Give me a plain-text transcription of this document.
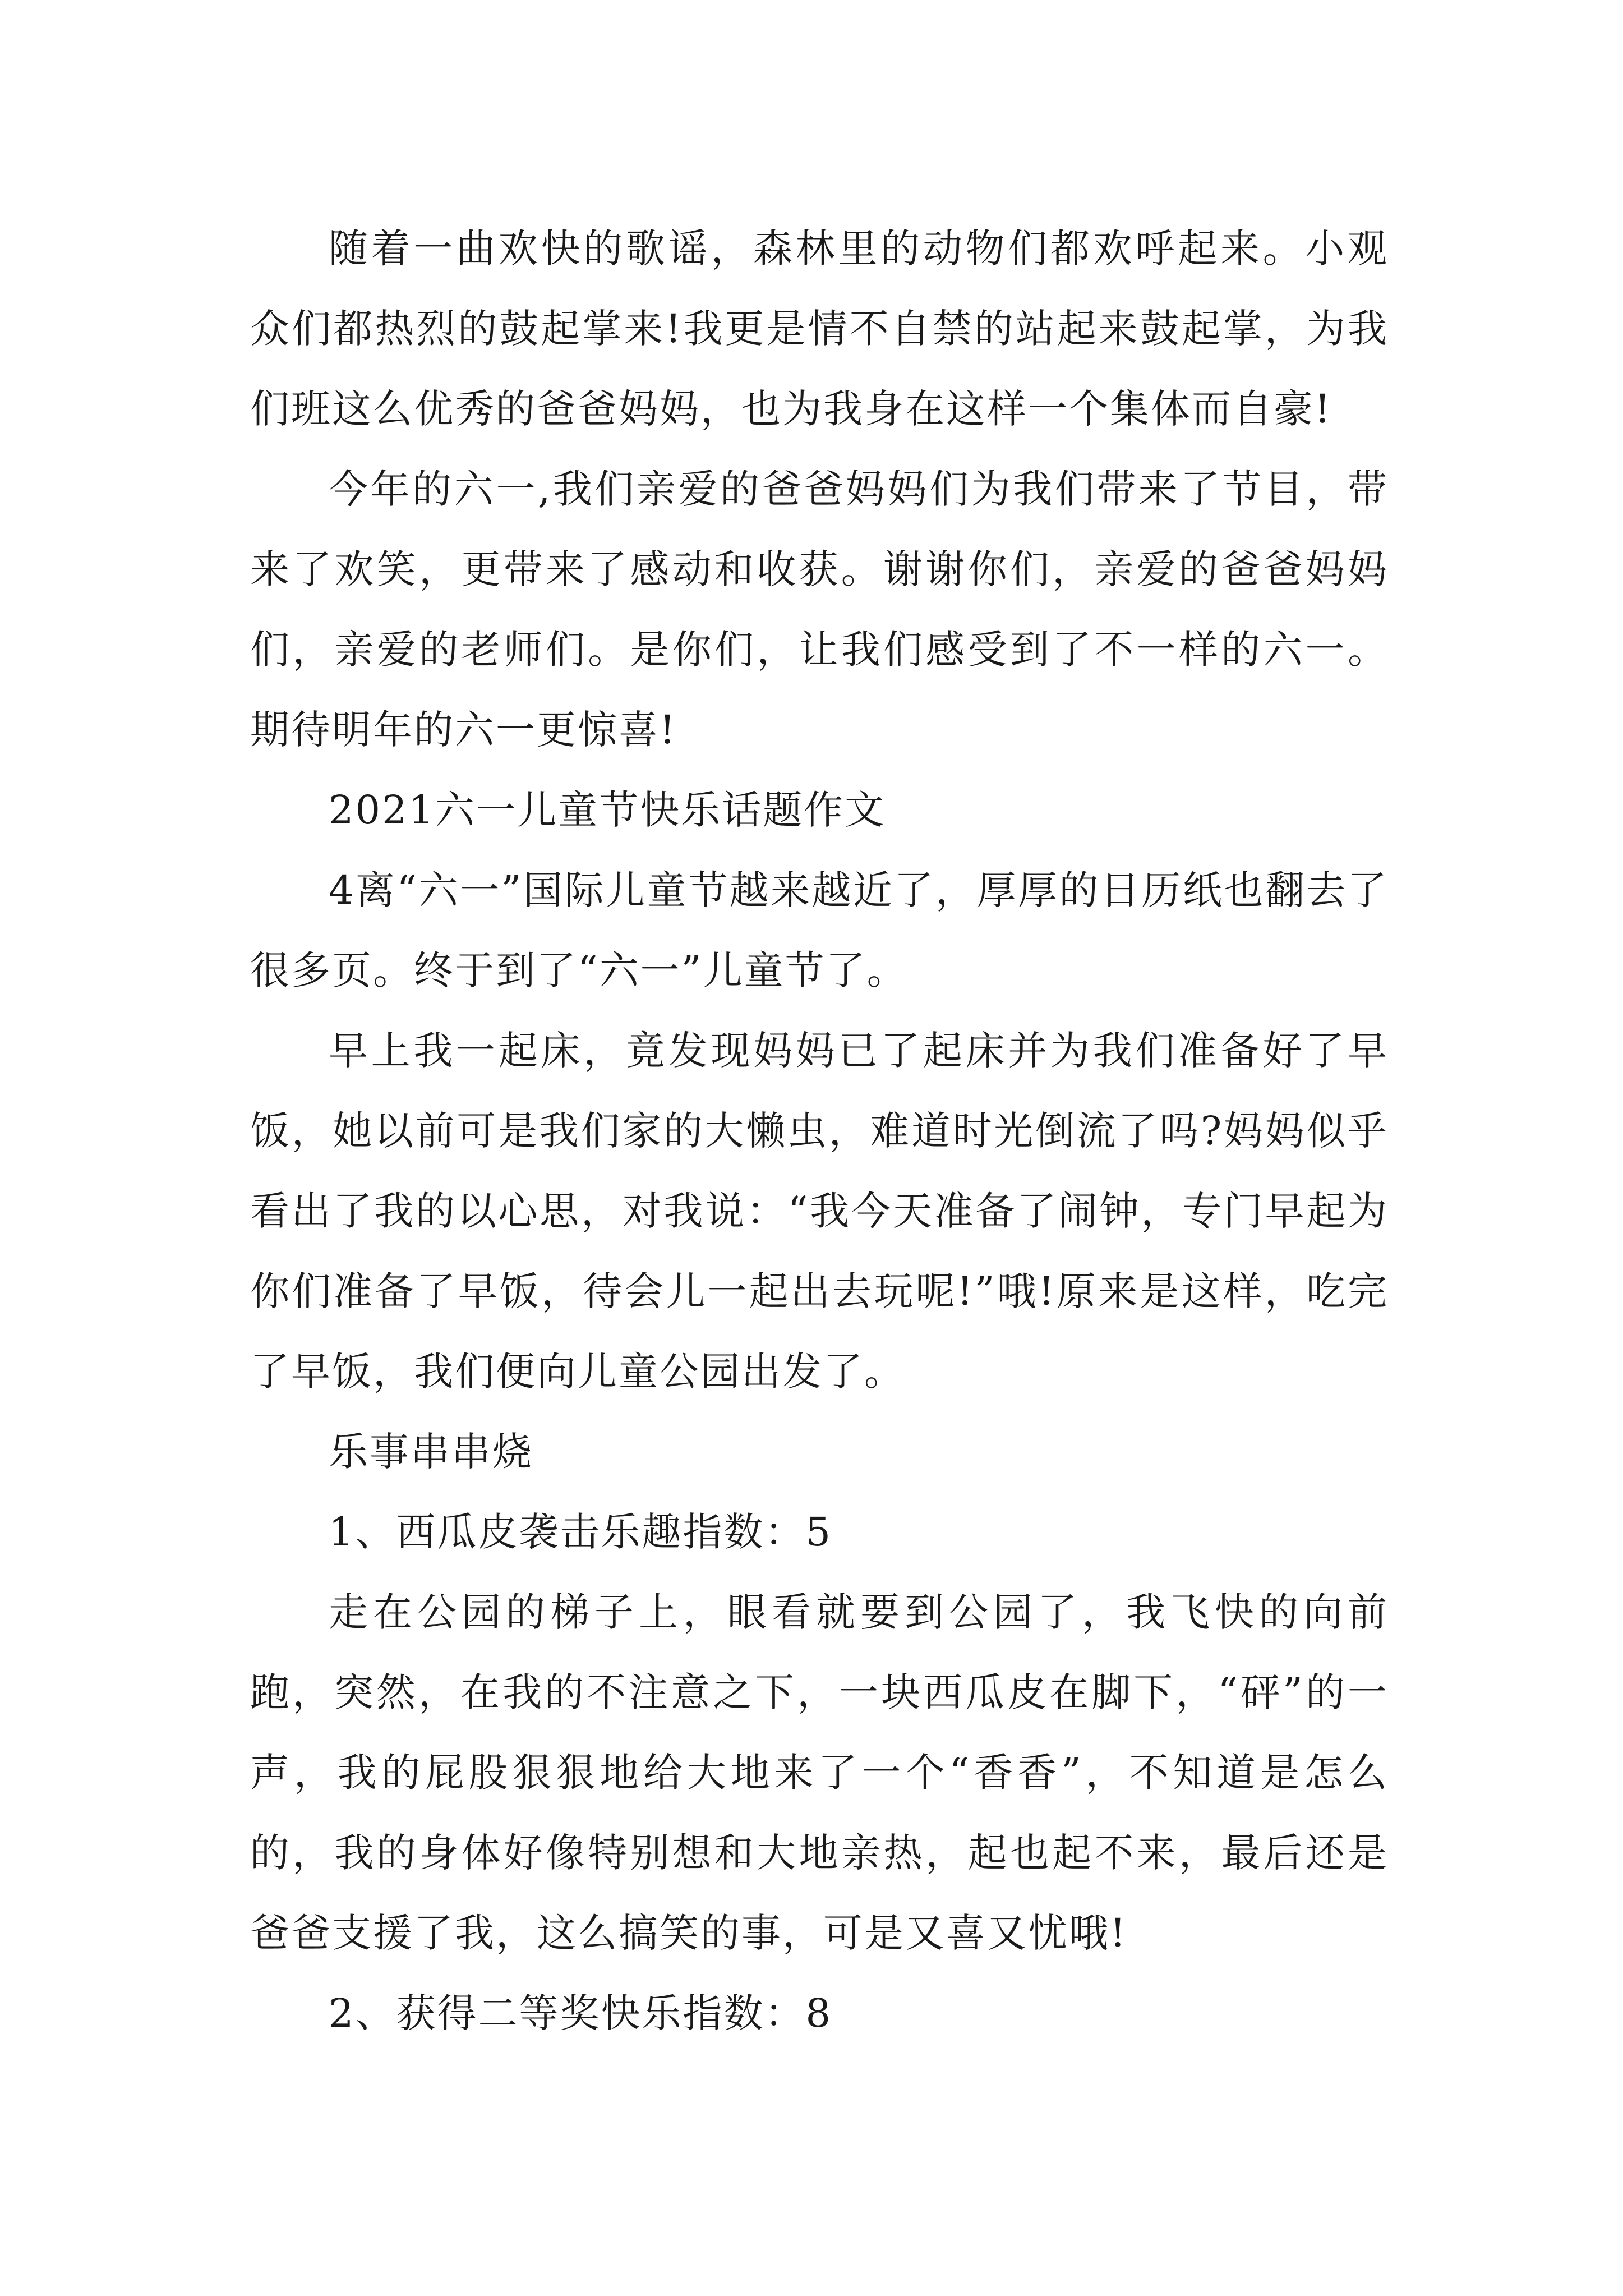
随着一曲欢快的歌谣，森林里的动物们都欢呼起来。小观众们都热烈的鼓起掌来!我更是情不自禁的站起来鼓起掌，为我们班这么优秀的爸爸妈妈，也为我身在这样一个集体而自豪!

今年的六一,我们亲爱的爸爸妈妈们为我们带来了节目，带来了欢笑，更带来了感动和收获。谢谢你们，亲爱的爸爸妈妈们，亲爱的老师们。是你们，让我们感受到了不一样的六一。期待明年的六一更惊喜!

2021六一儿童节快乐话题作文

4离“六一”国际儿童节越来越近了，厚厚的日历纸也翻去了很多页。终于到了“六一”儿童节了。

早上我一起床，竟发现妈妈已了起床并为我们准备好了早饭，她以前可是我们家的大懒虫，难道时光倒流了吗?妈妈似乎看出了我的以心思，对我说：“我今天准备了闹钟，专门早起为你们准备了早饭，待会儿一起出去玩呢!”哦!原来是这样，吃完了早饭，我们便向儿童公园出发了。

乐事串串烧

1、西瓜皮袭击乐趣指数：5

走在公园的梯子上，眼看就要到公园了，我飞快的向前跑，突然，在我的不注意之下，一块西瓜皮在脚下，“砰”的一声，我的屁股狠狠地给大地来了一个“香香”，不知道是怎么的，我的身体好像特别想和大地亲热，起也起不来，最后还是爸爸支援了我，这么搞笑的事，可是又喜又忧哦!

2、获得二等奖快乐指数：8
